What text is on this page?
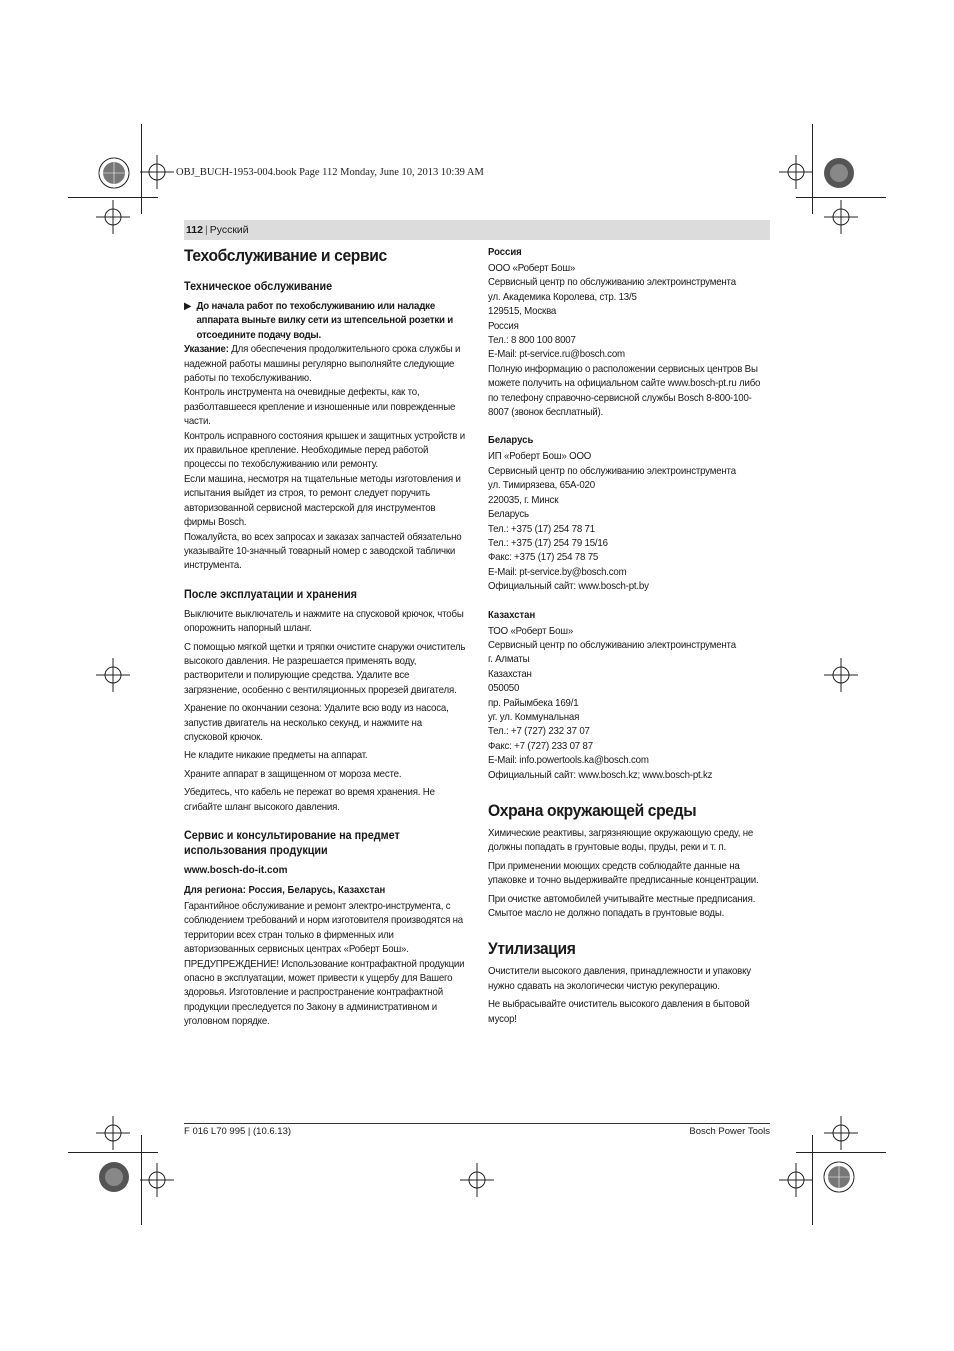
OBJ_BUCH-1953-004.book Page 112 Monday, June 10, 2013 10:39 AM
112 | Русский
Техобслуживание и сервис
Техническое обслуживание
▶ До начала работ по техобслуживанию или наладке аппарата выньте вилку сети из штепсельной розетки и отсоедините подачу воды.

Указание: Для обеспечения продолжительного срока службы и надежной работы машины регулярно выполняйте следующие работы по техобслуживанию.

Контроль инструмента на очевидные дефекты, как то, разболтавшееся крепление и изношенные или поврежденные части.

Контроль исправного состояния крышек и защитных устройств и их правильное крепление. Необходимые перед работой процессы по техобслуживанию или ремонту.

Если машина, несмотря на тщательные методы изготовления и испытания выйдет из строя, то ремонт следует поручить авторизованной сервисной мастерской для инструментов фирмы Bosch.

Пожалуйста, во всех запросах и заказах запчастей обязательно указывайте 10-значный товарный номер с заводской таблички инструмента.

После эксплуатации и хранения

Выключите выключатель и нажмите на спусковой крючок, чтобы опорожнить напорный шланг.

С помощью мягкой щетки и тряпки очистите снаружи очиститель высокого давления. Не разрешается применять воду, растворители и полирующие средства. Удалите все загрязнение, особенно с вентиляционных прорезей двигателя.

Хранение по окончании сезона: Удалите всю воду из насоса, запустив двигатель на несколько секунд, и нажмите на спусковой крючок.

Не кладите никакие предметы на аппарат.

Храните аппарат в защищенном от мороза месте.

Убедитесь, что кабель не пережат во время хранения. Не сгибайте шланг высокого давления.

Сервис и консультирование на предмет использования продукции
www.bosch-do-it.com
Для региона: Россия, Беларусь, Казахстан

Гарантийное обслуживание и ремонт электро-инструмента, с соблюдением требований и норм изготовителя производятся на территории всех стран только в фирменных или авторизованных сервисных центрах «Роберт Бош».

ПРЕДУПРЕЖДЕНИЕ! Использование контрафактной продукции опасно в эксплуатации, может привести к ущербу для Вашего здоровья. Изготовление и распространение контрафактной продукции преследуется по Закону в административном и уголовном порядке.

Россия

ООО «Роберт Бош»

Сервисный центр по обслуживанию электроинструмента

ул. Академика Королева, стр. 13/5

129515, Москва

Россия

Тел.: 8 800 100 8007

E-Mail: pt-service.ru@bosch.com

Полную информацию о расположении сервисных центров Вы можете получить на официальном сайте www.bosch-pt.ru либо по телефону справочно-сервисной службы Bosch 8-800-100-8007 (звонок бесплатный).

Беларусь

ИП «Роберт Бош» ООО

Сервисный центр по обслуживанию электроинструмента

ул. Тимирязева, 65А-020

220035, г. Минск

Беларусь

Тел.: +375 (17) 254 78 71

Тел.: +375 (17) 254 79 15/16

Факс: +375 (17) 254 78 75

E-Mail: pt-service.by@bosch.com

Официальный сайт: www.bosch-pt.by

Казахстан

ТОО «Роберт Бош»

Сервисный центр по обслуживанию электроинструмента

г. Алматы

Казахстан

050050

пр. Райымбека 169/1

уг. ул. Коммунальная

Тел.: +7 (727) 232 37 07

Факс: +7 (727) 233 07 87

E-Mail: info.powertools.ka@bosch.com

Официальный сайт: www.bosch.kz; www.bosch-pt.kz

Охрана окружающей среды

Химические реактивы, загрязняющие окружающую среду, не должны попадать в грунтовые воды, пруды, реки и т. п.

При применении моющих средств соблюдайте данные на упаковке и точно выдерживайте предписанные концентрации.

При очистке автомобилей учитывайте местные предписания. Смытое масло не должно попадать в грунтовые воды.

Утилизация

Очистители высокого давления, принадлежности и упаковку нужно сдавать на экологически чистую рекуперацию.

Не выбрасывайте очиститель высокого давления в бытовой мусор!

F 016 L70 995 | (10.6.13)	Bosch Power Tools
